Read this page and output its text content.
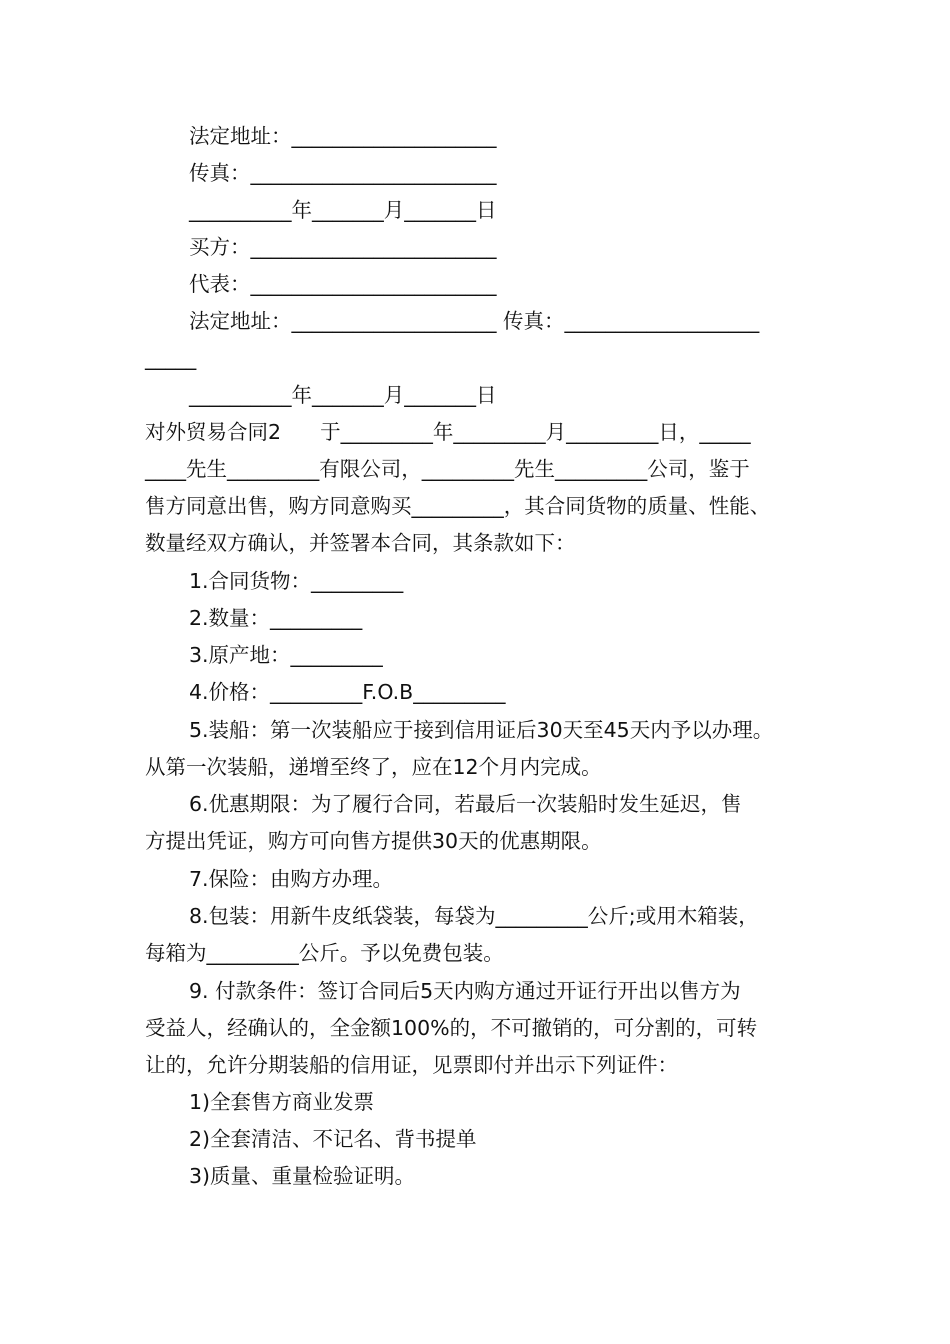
法定地址：____________________
传真：________________________
__________年_______月_______日
买方：________________________
代表：________________________
法定地址：____________________ 传真：___________________
_____
__________年_______月_______日
对外贸易合同2      于_________年_________月_________日，_____
____先生_________有限公司，_________先生_________公司，鉴于
售方同意出售，购方同意购买_________，其合同货物的质量、性能、
数量经双方确认，并签署本合同，其条款如下：
1.合同货物：_________
2.数量：_________
3.原产地：_________
4.价格：_________F.O.B_________
5.装船：第一次装船应于接到信用证后30天至45天内予以办理。
从第一次装船，递增至终了，应在12个月内完成。
6.优惠期限：为了履行合同，若最后一次装船时发生延迟，售
方提出凭证，购方可向售方提供30天的优惠期限。
7.保险：由购方办理。
8.包装：用新牛皮纸袋装，每袋为_________公斤;或用木箱装，
每箱为_________公斤。予以免费包装。
9. 付款条件：签订合同后5天内购方通过开证行开出以售方为
受益人，经确认的，全金额100%的，不可撤销的，可分割的，可转
让的，允许分期装船的信用证，见票即付并出示下列证件：
1)全套售方商业发票
2)全套清洁、不记名、背书提单
3)质量、重量检验证明。
